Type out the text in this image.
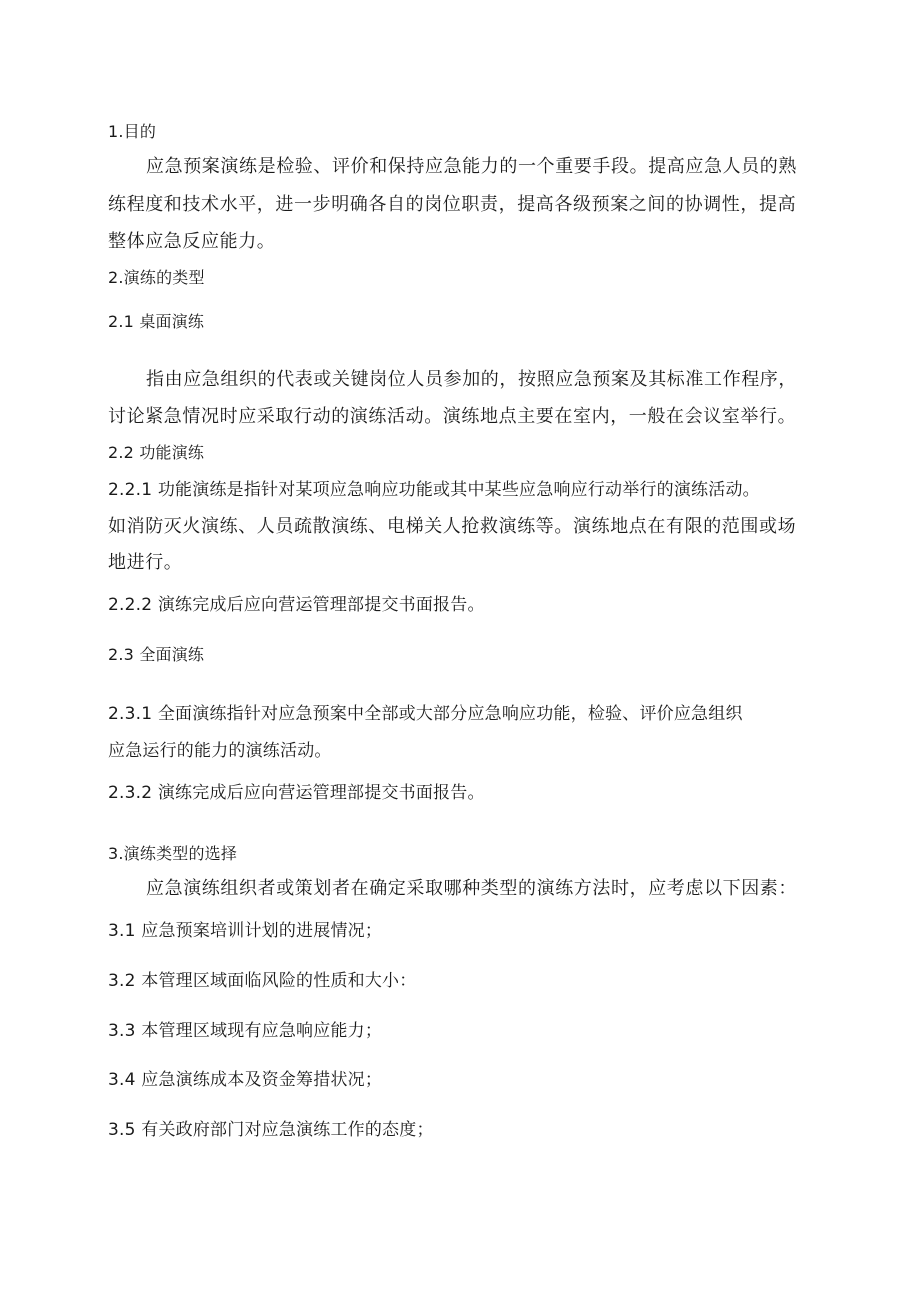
1.目的
应急预案演练是检验、评价和保持应急能力的一个重要手段。提高应急人员的熟
练程度和技术水平，进一步明确各自的岗位职责，提高各级预案之间的协调性，提高
整体应急反应能力。
2.演练的类型
2.1 桌面演练
指由应急组织的代表或关键岗位人员参加的，按照应急预案及其标准工作程序，
讨论紧急情况时应采取行动的演练活动。演练地点主要在室内，一般在会议室举行。
2.2 功能演练
2.2.1 功能演练是指针对某项应急响应功能或其中某些应急响应行动举行的演练活动。
如消防灭火演练、人员疏散演练、电梯关人抢救演练等。演练地点在有限的范围或场
地进行。
2.2.2 演练完成后应向营运管理部提交书面报告。
2.3 全面演练
2.3.1 全面演练指针对应急预案中全部或大部分应急响应功能，检验、评价应急组织
应急运行的能力的演练活动。
2.3.2 演练完成后应向营运管理部提交书面报告。
3.演练类型的选择
应急演练组织者或策划者在确定采取哪种类型的演练方法时，应考虑以下因素：
3.1 应急预案培训计划的进展情况；
3.2 本管理区域面临风险的性质和大小：
3.3 本管理区域现有应急响应能力；
3.4 应急演练成本及资金筹措状况；
3.5 有关政府部门对应急演练工作的态度；
